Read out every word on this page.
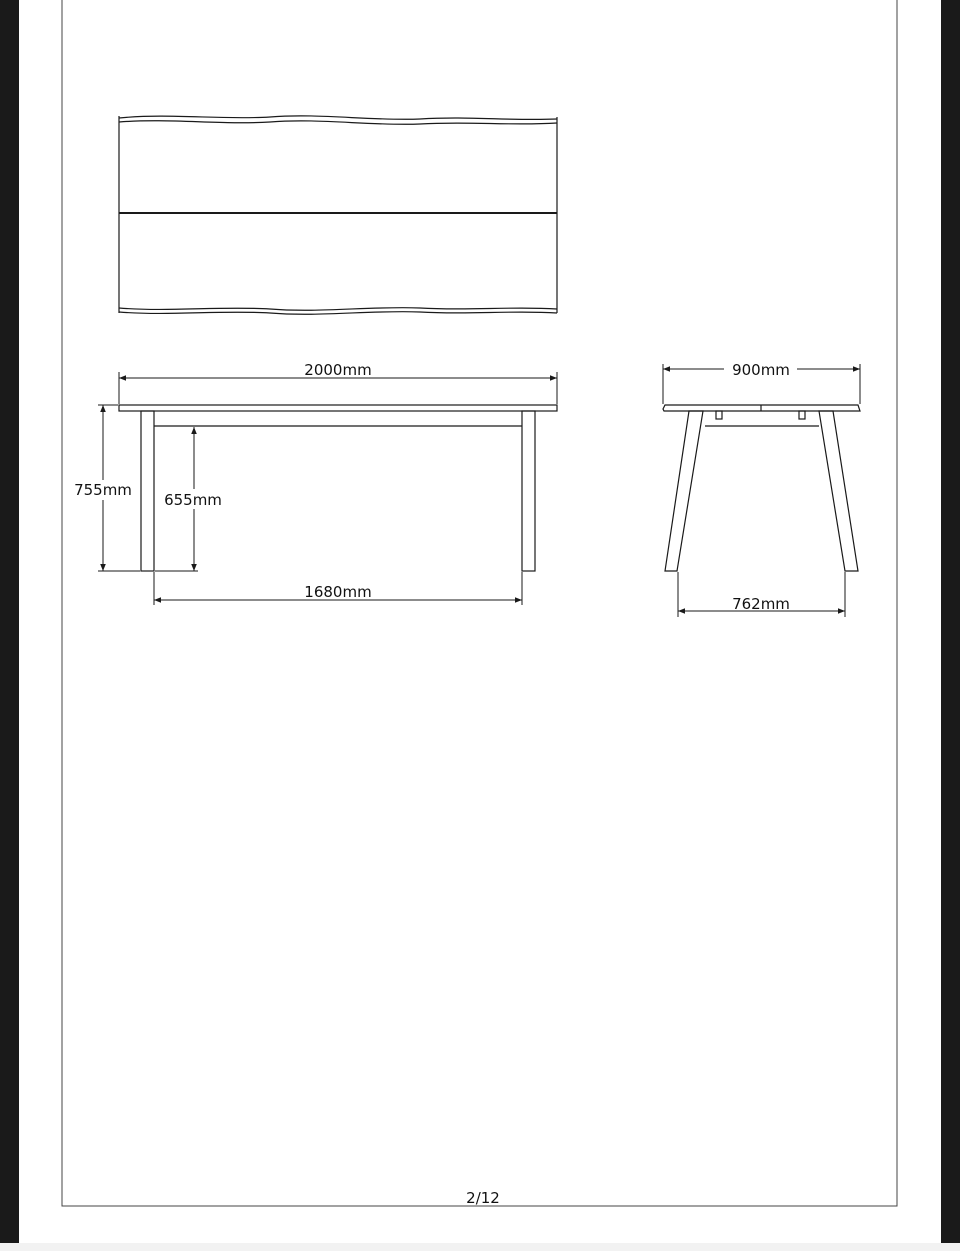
2000mm
755mm
655mm
1680mm
900mm
762mm
2/12
